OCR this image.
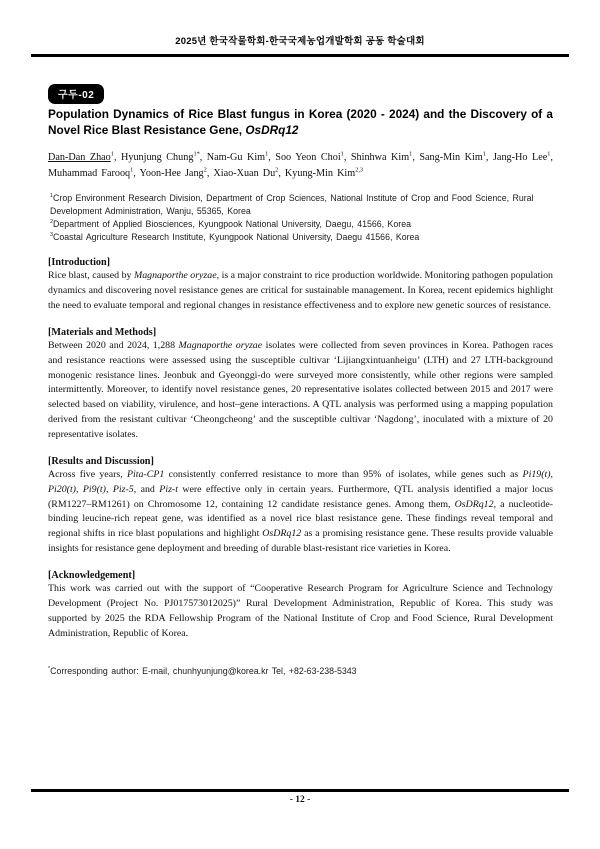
2025년 한국작물학회-한국국제농업개발학회 공동 학술대회
구두-02
Population Dynamics of Rice Blast fungus in Korea (2020 - 2024) and the Discovery of a Novel Rice Blast Resistance Gene, OsDRq12
Dan-Dan Zhao$^1$, Hyunjung Chung$^{1*}$, Nam-Gu Kim$^1$, Soo Yeon Choi$^1$, Shinhwa Kim$^1$, Sang-Min Kim$^1$, Jang-Ho Lee$^1$, Muhammad Farooq$^1$, Yoon-Hee Jang$^2$, Xiao-Xuan Du$^2$, Kyung-Min Kim$^{2,3}$
$^1$Crop Environment Research Division, Department of Crop Sciences, National Institute of Crop and Food Science, Rural Development Administration, Wanju, 55365, Korea
$^2$Department of Applied Biosciences, Kyungpook National University, Daegu, 41566, Korea
$^3$Coastal Agriculture Research Institute, Kyungpook National University, Daegu 41566, Korea
[Introduction]
Rice blast, caused by Magnaporthe oryzae, is a major constraint to rice production worldwide. Monitoring pathogen population dynamics and discovering novel resistance genes are critical for sustainable management. In Korea, recent epidemics highlight the need to evaluate temporal and regional changes in resistance effectiveness and to explore new genetic sources of resistance.
[Materials and Methods]
Between 2020 and 2024, 1,288 Magnaporthe oryzae isolates were collected from seven provinces in Korea. Pathogen races and resistance reactions were assessed using the susceptible cultivar ‘Lijiangxintuanheigu’ (LTH) and 27 LTH-background monogenic resistance lines. Jeonbuk and Gyeonggi-do were surveyed more consistently, while other regions were sampled intermittently. Moreover, to identify novel resistance genes, 20 representative isolates collected between 2015 and 2017 were selected based on viability, virulence, and host–gene interactions. A QTL analysis was performed using a mapping population derived from the resistant cultivar ‘Cheongcheong’ and the susceptible cultivar ‘Nagdong’, inoculated with a mixture of 20 representative isolates.
[Results and Discussion]
Across five years, Pita-CP1 consistently conferred resistance to more than 95% of isolates, while genes such as Pi19(t), Pi20(t), Pi9(t), Piz-5, and Piz-t were effective only in certain years. Furthermore, QTL analysis identified a major locus (RM1227–RM1261) on Chromosome 12, containing 12 candidate resistance genes. Among them, OsDRq12, a nucleotide-binding leucine-rich repeat gene, was identified as a novel rice blast resistance gene. These findings reveal temporal and regional shifts in rice blast populations and highlight OsDRq12 as a promising resistance gene. These results provide valuable insights for resistance gene deployment and breeding of durable blast-resistant rice varieties in Korea.
[Acknowledgement]
This work was carried out with the support of “Cooperative Research Program for Agriculture Science and Technology Development (Project No. PJ017573012025)” Rural Development Administration, Republic of Korea. This study was supported by 2025 the RDA Fellowship Program of the National Institute of Crop and Food Science, Rural Development Administration, Republic of Korea.
*Corresponding author: E-mail, chunhyunjung@korea.kr Tel, +82-63-238-5343
- 12 -
